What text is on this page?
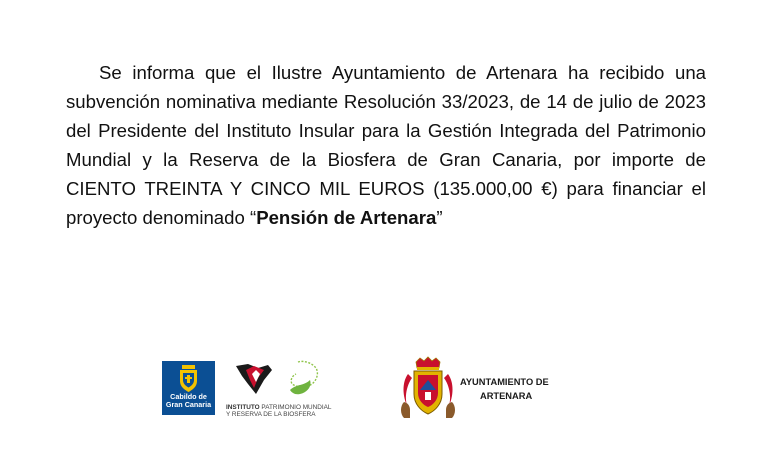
Se informa que el Ilustre Ayuntamiento de Artenara ha recibido una subvención nominativa mediante Resolución 33/2023, de 14 de julio de 2023 del Presidente del Instituto Insular para la Gestión Integrada del Patrimonio Mundial y la Reserva de la Biosfera de Gran Canaria, por importe de CIENTO TREINTA Y CINCO MIL EUROS (135.000,00 €) para financiar el proyecto denominado “Pensión de Artenara”

Cabildo de
Gran Canaria	INSTITUTO PATRIMONIO MUNDIAL
Y RESERVA DE LA BIOSFERA
AYUNTAMIENTO DE
ARTENARA
